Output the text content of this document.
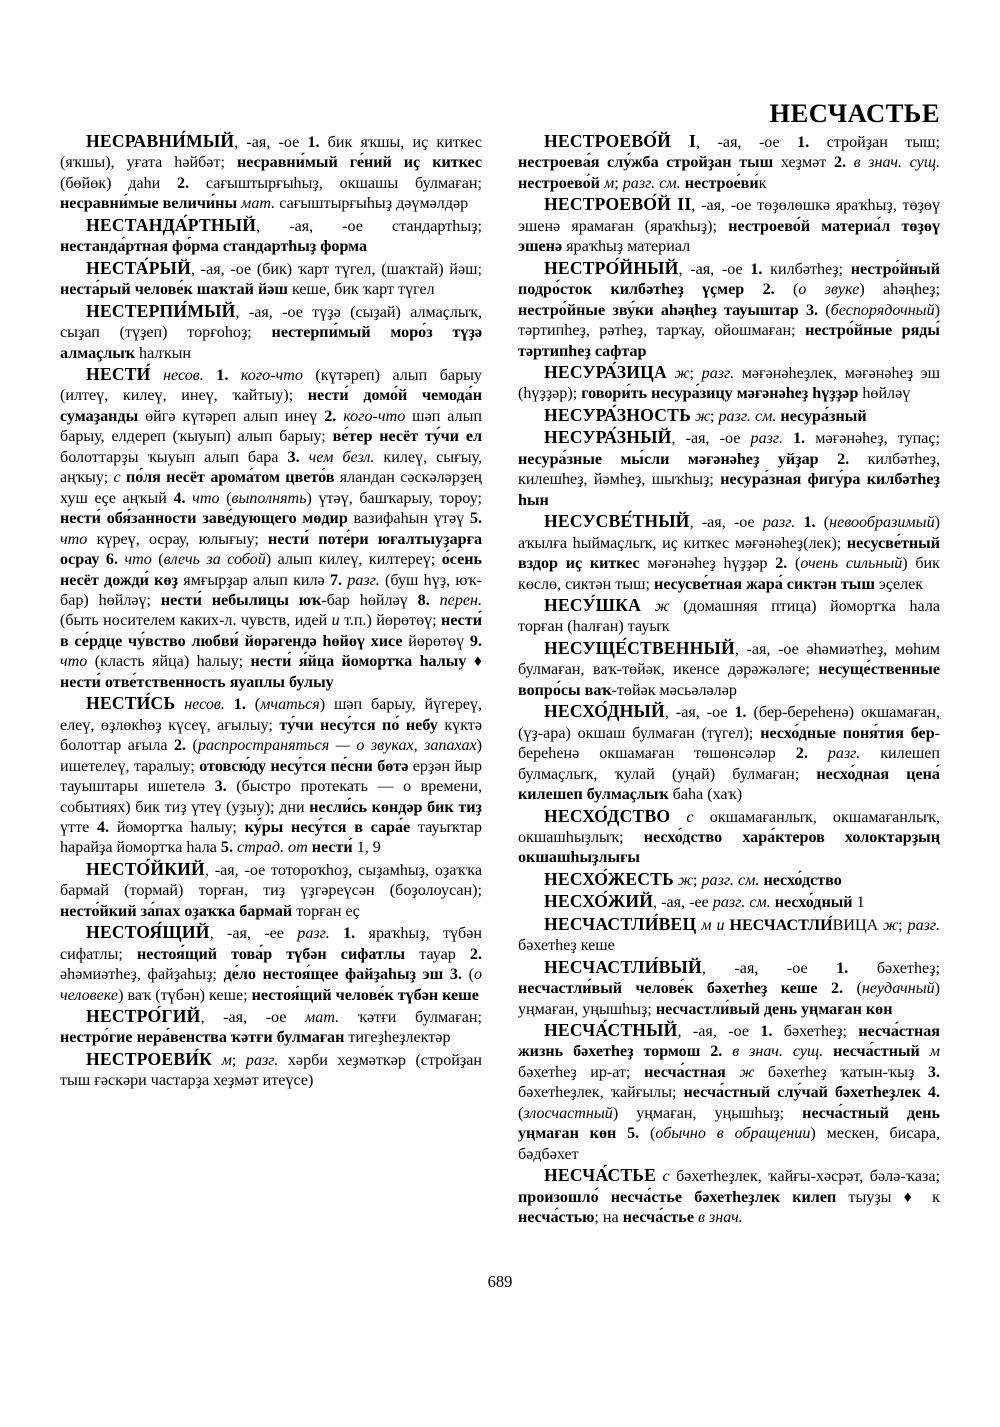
НЕСЧАСТЬЕ

НЕСРАВНИ́МЫЙ, -ая, -ое 1. бик яҡшы, иҫ киткес (яҡшы), уғата һәйбәт; несравни́мый ге́ний иҫ киткес (бөйөк) даһи 2. сағыштырғыһыҙ, окшашы булмаған; несравни́мые величи́ны мат. сағыштырғыһыҙ дәүмәлдәр

НЕСТАНДА́РТНЫЙ, -ая, -ое стандартһыҙ; нестанда́ртная фо́рма стандартһыҙ форма

НЕСТА́РЫЙ, -ая, -ое (бик) ҡарт түгел, (шаҡтай) йәш; неста́рый челове́к шаҡтай йәш кеше, бик ҡарт түгел

НЕСТЕРПИ́МЫЙ, -ая, -ое түҙә (сыҙай) алмаҫлыҡ, сыҙап (түҙеп) торғоһоҙ; нестерпи́мый моро́з түҙә алмаҫлыҡ һалҡын

НЕСТИ́ несов. 1. кого-что (күтәреп) алып барыу (илтеү, килеү, инеү, ҡайтыу); нести́ домо́й чемода́н сумаҙанды өйгә күтәреп алып инеү 2. кого-что шәп алып барыу, елдереп (ҡыуып) алып барыу; ве́тер несёт ту́чи ел болоттарҙы ҡыуып алып бара 3. чем безл. килеү, сығыу, аңҡыу; с по́ля несёт арома́том цвето́в яландан сәскәләрҙең хуш еҫе аңҡый 4. что (выполнять) үтәү, башҡарыу, тороу; нести́ обя́занности заве́дующего мөдир вазифаһын үтәү 5. что күреү, осрау, юлығыу; нести́ поте́ри юғалтыуҙарға осрау 6. что (влечь за собой) алып килеү, килтереү; о́сень несёт дожди́ көҙ ямғырҙар алып килә 7. разг. (буш һүҙ, юҡ-бар) һөйләү; нести́ небылицы юҡ-бар һөйләү 8. перен. (быть носителем каких-л. чувств, идей и т.п.) йөрөтөү; нести́ в се́рдце чу́вство любви́ йөрәгендә һөйөү хисе йөрөтөү 9. что (класть яйца) һалыу; нести́ я́йца йомортҡа һалыу ♦ нести́ отве́тственность яуаплы булыу

НЕСТИ́СЬ несов. 1. (мчаться) шәп барыу, йүгереү, елеү, өҙлөкһөҙ күсеү, ағылыу; ту́чи несу́тся по́ небу күктә болоттар ағыла 2. (распространяться — о звуках, запахах) ишетелеү, таралыу; отовсю́ду несу́тся пе́сни бөтә ерҙән йыр тауыштары ишетелә 3. (быстро протекать — о времени, событиях) бик тиҙ үтеү (уҙыу); дни несли́сь көндәр бик тиҙ үтте 4. йомортҡа һалыу; ку́ры несу́тся в сара́е тауыҡтар һарайҙа йомортҡа һала 5. страд. от нести́ 1, 9

НЕСТО́ЙКИЙ, -ая, -ое тотороҡһоҙ, сыҙамһыҙ, оҙаҡҡа бармай (тормай) торған, тиҙ үҙгәреүсән (боҙолоусан); несто́йкий за́пах оҙаҡҡа бармай торған еҫ

НЕСТОЯ́ЩИЙ, -ая, -ее разг. 1. яраҡһыҙ, түбән сифатлы; нестоя́щий това́р түбән сифатлы тауар 2. әһәмиәтһеҙ, файҙаһыҙ; де́ло нестоя́щее файҙаһыҙ эш 3. (о человеке) ваҡ (түбән) кеше; нестоя́щий челове́к түбән кеше

НЕСТРО́ГИЙ, -ая, -ое мат. ҡәтғи булмаған; нестро́гие нера́венства ҡәтғи булмаған тигеҙһеҙлектәр

НЕСТРОЕВИ́К м; разг. хәрби хеҙмәткәр (стройҙан тыш ғәскәри частарҙа хеҙмәт итеүсе)

НЕСТРОЕВО́Й I, -ая, -ое 1. стройҙан тыш; нестроева́я слу́жба стройҙан тыш хеҙмәт 2. в знач. сущ. нестроево́й м; разг. см. нестрое́ви́к

НЕСТРОЕВО́Й II, -ая, -ое төҙөлөшкә яраҡһыҙ, төҙөү эшенә ярамаған (яраҡһыҙ); нестроево́й материа́л төҙөү эшенә яраҡһыҙ материал

НЕСТРО́ЙНЫЙ, -ая, -ое 1. килбәтһеҙ; нестро́йный подро́сток килбәтһеҙ үҫмер 2. (о звуке) аһәңһеҙ; нестро́йные зву́ки аһәңһеҙ тауыштар 3. (беспорядочный) тәртипһеҙ, рәтһеҙ, тарҡау, ойошмаған; нестро́йные ряды́ тәртипһеҙ сафтар

НЕСУРА́ЗИЦА ж; разг. мәғәнәһеҙлек, мәғәнәһеҙ эш (һүҙҙәр); говори́ть несура́зицу мәғәнәһеҙ һүҙҙәр һөйләү

НЕСУРА́ЗНОСТЬ ж; разг. см. несура́зный

НЕСУРА́ЗНЫЙ, -ая, -ое разг. 1. мәғәнәһеҙ, тупаҫ; несура́зные мы́сли мәғәнәһеҙ уйҙар 2. килбәтһеҙ, килешһеҙ, йәмһеҙ, шыҡһыҙ; несура́зная фигу́ра килбәтһеҙ һын

НЕСУСВЕ́ТНЫЙ, -ая, -ое разг. 1. (невообразимый) аҡылға һыймаҫлыҡ, иҫ киткес мәғәнәһеҙ(лек); несусве́тный вздор иҫ киткес мәғәнәһеҙ һүҙҙәр 2. (очень сильный) бик көслө, сиктән тыш; несусве́тная жара́ сиктән тыш эҫелек

НЕСУ́ШКА ж (домашняя птица) йомортҡа һала торған (һалған) тауыҡ

НЕСУЩЕ́СТВЕННЫЙ, -ая, -ое әһәмиәтһеҙ, мөһим булмаған, ваҡ-төйәк, икенсе дәрәжәләге; несуще́ственные вопро́сы ваҡ-төйәк мәсьәләләр

НЕСХО́ДНЫЙ, -ая, -ое 1. (бер-береһенә) окшамаған, (үҙ-ара) окшаш булмаған (түгел); несхо́дные поня́тия бер-береһенә окшамаған төшөнсәләр 2. разг. килешеп булмаҫлыҡ, ҡулай (уңай) булмаған; несхо́дная цена́ килешеп булмаҫлыҡ баһа (хаҡ)

НЕСХО́ДСТВО с окшамағанлыҡ, окшамағанлыҡ, окшашһыҙлыҡ; несхо́дство хара́ктеров холоктарҙың окшашһыҙлығы

НЕСХО́ЖЕСТЬ ж; разг. см. несхо́дство

НЕСХО́ЖИЙ, -ая, -ее разг. см. несхо́дный 1

НЕСЧАСТЛИ́ВЕЦ м и НЕСЧАСТЛИ́ВИЦА ж; разг. бәхетһеҙ кеше

НЕСЧАСТЛИ́ВЫЙ, -ая, -ое 1. бәхетһеҙ; несчастли́вый челове́к бәхетһеҙ кеше 2. (неудачный) уңмаған, уңышһыҙ; несчастли́вый день уңмаған көн

НЕСЧА́СТНЫЙ, -ая, -ое 1. бәхетһеҙ; несча́стная жизнь бәхетһеҙ тормош 2. в знач. сущ. несча́стный м бәхетһеҙ ир-ат; несча́стная ж бәхетһеҙ ҡатын-ҡыҙ 3. бәхетһеҙлек, ҡайғылы; несча́стный слу́чай бәхетһеҙлек 4. (злосчастный) уңмаған, уңышһыҙ; несча́стный день уңмаған көн 5. (обычно в обращении) мескен, бисара, бәдбәхет

НЕСЧА́СТЬЕ с бәхетһеҙлек, ҡайғы-хәсрәт, бәлә-ҡаза; произошло́ несча́стье бәхетһеҙлек килеп тыуҙы ♦ к несча́стью; на несча́стье в знач.

689
